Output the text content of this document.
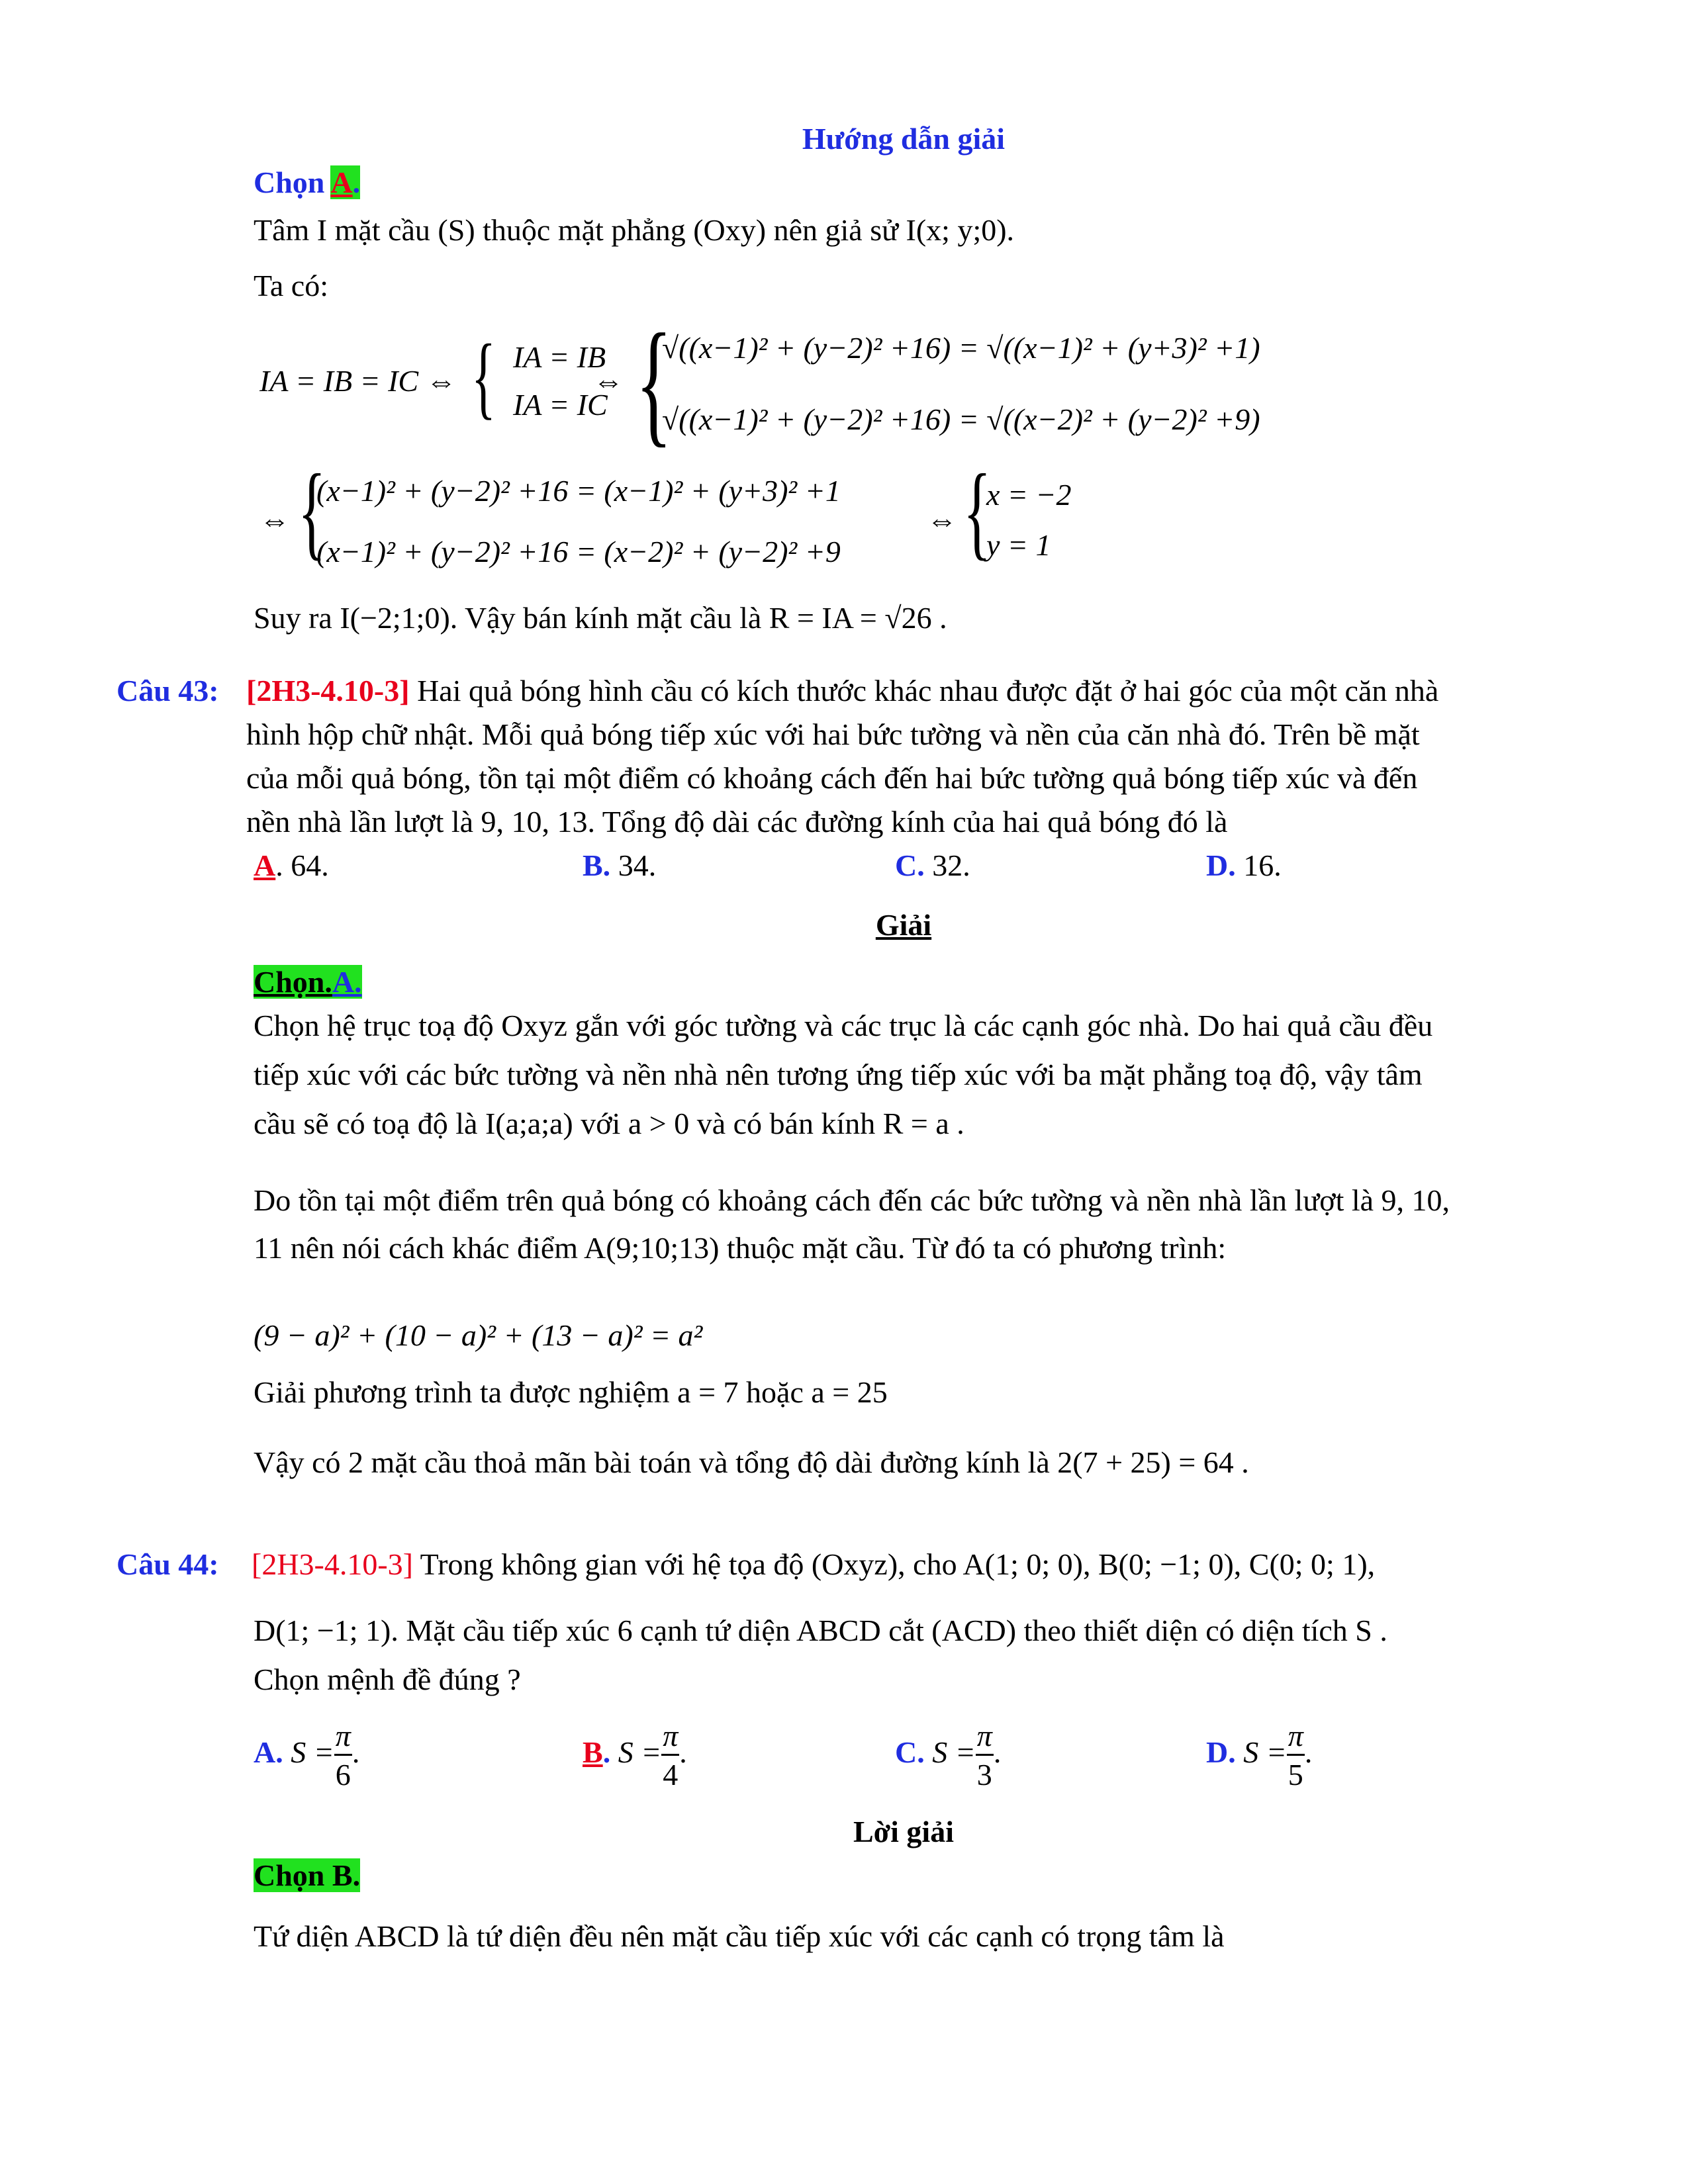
Hướng dẫn giải
Chọn A.
Tâm I mặt cầu (S) thuộc mặt phẳng (Oxy) nên giả sử I(x; y;0).
Ta có:
IA = IB = IC ⇔ { IA = IB
IA = IC
⇔ {
√((x−1)² + (y−2)² +16) = √((x−1)² + (y+3)² +1)
√((x−1)² + (y−2)² +16) = √((x−2)² + (y−2)² +9)
⇔ {
(x−1)² + (y−2)² +16 = (x−1)² + (y+3)² +1
(x−1)² + (y−2)² +16 = (x−2)² + (y−2)² +9
⇔ {
x = −2
y = 1
Suy ra I(−2;1;0). Vậy bán kính mặt cầu là R = IA = √26 .
Câu 43: [2H3-4.10-3] Hai quả bóng hình cầu có kích thước khác nhau được đặt ở hai góc của một căn nhà
hình hộp chữ nhật. Mỗi quả bóng tiếp xúc với hai bức tường và nền của căn nhà đó. Trên bề mặt
của mỗi quả bóng, tồn tại một điểm có khoảng cách đến hai bức tường quả bóng tiếp xúc và đến
nền nhà lần lượt là 9, 10, 13. Tổng độ dài các đường kính của hai quả bóng đó là
A. 64.	B. 34.	C. 32.	D. 16.
Giải
Chọn.A.
Chọn hệ trục toạ độ Oxyz gắn với góc tường và các trục là các cạnh góc nhà. Do hai quả cầu đều
tiếp xúc với các bức tường và nền nhà nên tương ứng tiếp xúc với ba mặt phẳng toạ độ, vậy tâm
cầu sẽ có toạ độ là I(a;a;a) với a > 0 và có bán kính R = a .
Do tồn tại một điểm trên quả bóng có khoảng cách đến các bức tường và nền nhà lần lượt là 9, 10,
11 nên nói cách khác điểm A(9;10;13) thuộc mặt cầu. Từ đó ta có phương trình:
(9 − a)² + (10 − a)² + (13 − a)² = a²
Giải phương trình ta được nghiệm a = 7 hoặc a = 25
Vậy có 2 mặt cầu thoả mãn bài toán và tổng độ dài đường kính là 2(7 + 25) = 64 .
Câu 44: [2H3-4.10-3] Trong không gian với hệ tọa độ (Oxyz), cho A(1; 0; 0), B(0; −1; 0), C(0; 0; 1),
D(1; −1; 1). Mặt cầu tiếp xúc 6 cạnh tứ diện ABCD cắt (ACD) theo thiết diện có diện tích S .
Chọn mệnh đề đúng ?
A. $S = \frac{\pi}{6}$ .	B. $S = \frac{\pi}{4}$ .	C. $S = \frac{\pi}{3}$ .	D. $S = \frac{\pi}{5}$ .
Lời giải
Chọn B.
Tứ diện ABCD là tứ diện đều nên mặt cầu tiếp xúc với các cạnh có trọng tâm là
